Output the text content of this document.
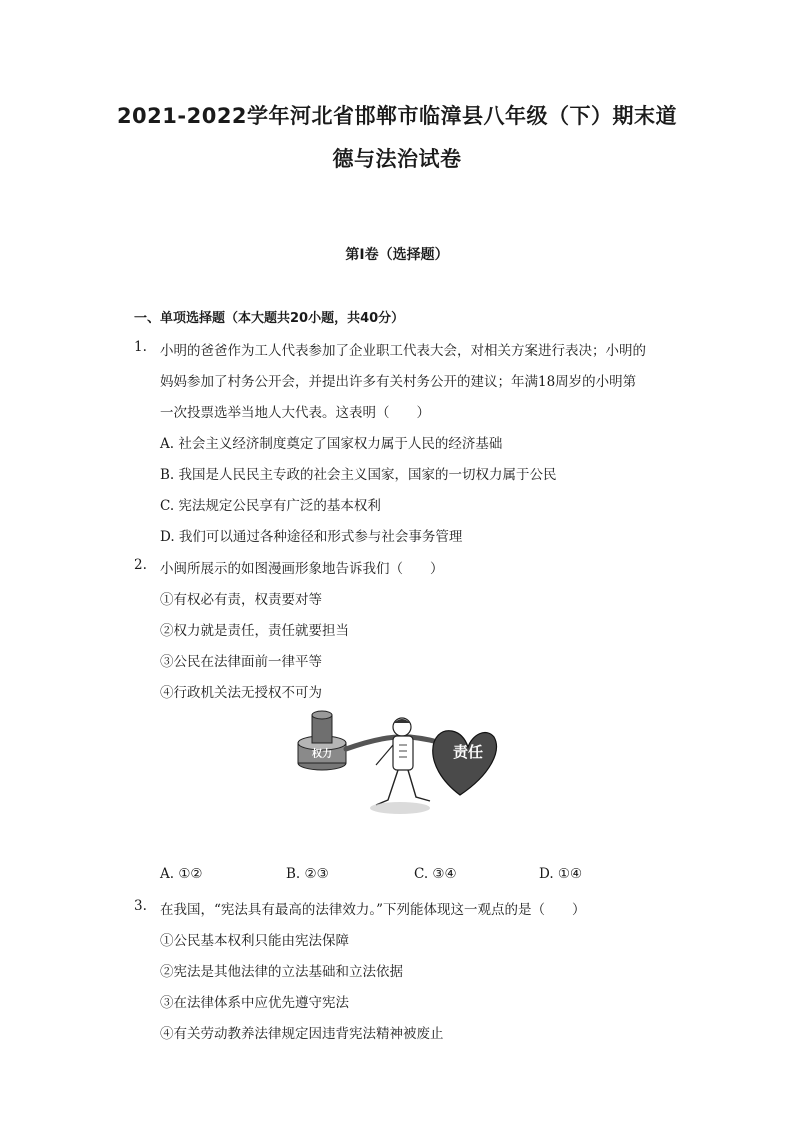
2021-2022学年河北省邯郸市临漳县八年级（下）期末道
德与法治试卷
第I卷（选择题）
一、单项选择题（本大题共20小题，共40分）
1. 小明的爸爸作为工人代表参加了企业职工代表大会，对相关方案进行表决；小明的
妈妈参加了村务公开会，并提出许多有关村务公开的建议；年满18周岁的小明第
一次投票选举当地人大代表。这表明（　　）
A. 社会主义经济制度奠定了国家权力属于人民的经济基础
B. 我国是人民民主专政的社会主义国家，国家的一切权力属于公民
C. 宪法规定公民享有广泛的基本权利
D. 我们可以通过各种途径和形式参与社会事务管理
2. 小闽所展示的如图漫画形象地告诉我们（　　）
①有权必有责，权责要对等
②权力就是责任，责任就要担当
③公民在法律面前一律平等
④行政机关法无授权不可为
权力	责任
A. ①②	B. ②③	C. ③④	D. ①④
3. 在我国，“宪法具有最高的法律效力。”下列能体现这一观点的是（　　）
①公民基本权利只能由宪法保障
②宪法是其他法律的立法基础和立法依据
③在法律体系中应优先遵守宪法
④有关劳动教养法律规定因违背宪法精神被废止
